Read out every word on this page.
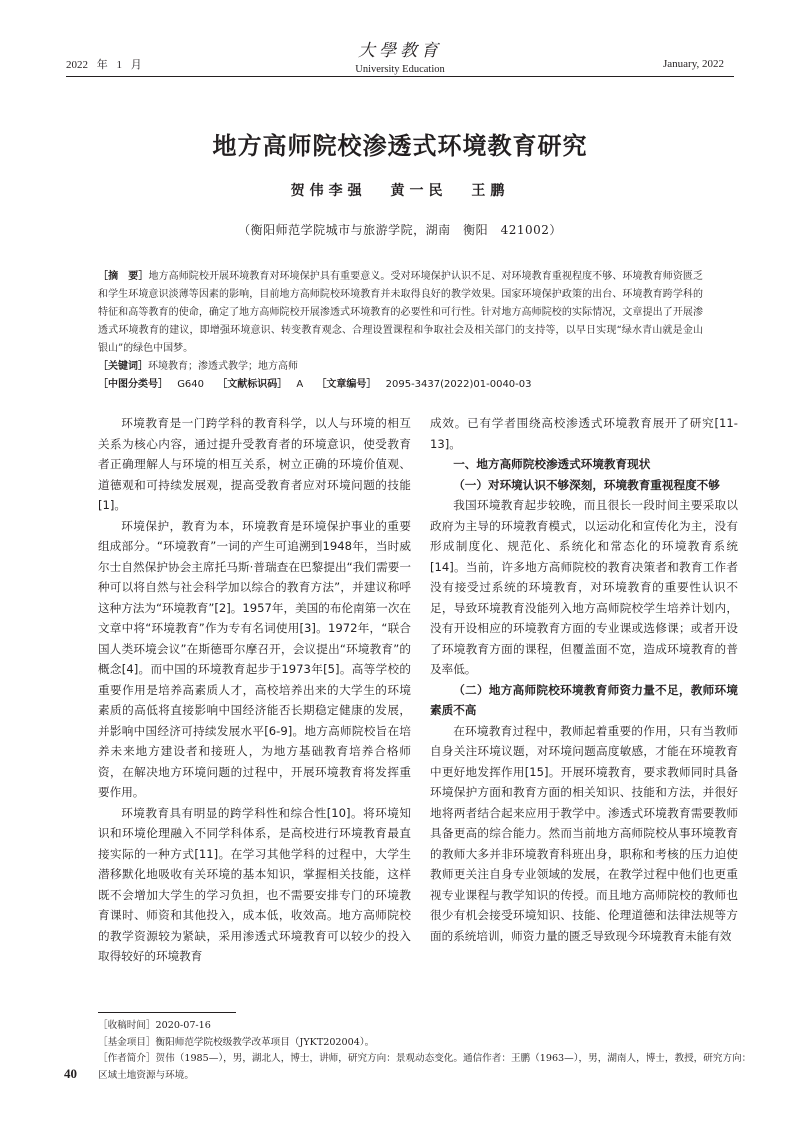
2022 年 1 月
大學教育
University Education	January, 2022
地方高师院校渗透式环境教育研究
贺伟李强 黄一民 王鹏
（衡阳师范学院城市与旅游学院，湖南　衡阳　421002）
［摘　要］地方高师院校开展环境教育对环境保护具有重要意义。受对环境保护认识不足、对环境教育重视程度不够、环境教育师资匮乏和学生环境意识淡薄等因素的影响，目前地方高师院校环境教育并未取得良好的教学效果。国家环境保护政策的出台、环境教育跨学科的特征和高等教育的使命，确定了地方高师院校开展渗透式环境教育的必要性和可行性。针对地方高师院校的实际情况，文章提出了开展渗透式环境教育的建议，即增强环境意识、转变教育观念、合理设置课程和争取社会及相关部门的支持等，以早日实现“绿水青山就是金山银山”的绿色中国梦。
［关键词］环境教育；渗透式教学；地方高师
［中图分类号］ G640 ［文献标识码］ A ［文章编号］ 2095-3437(2022)01-0040-03

环境教育是一门跨学科的教育科学，以人与环境的相互关系为核心内容，通过提升受教育者的环境意识，使受教育者正确理解人与环境的相互关系，树立正确的环境价值观、道德观和可持续发展观，提高受教育者应对环境问题的技能[1]。

环境保护，教育为本，环境教育是环境保护事业的重要组成部分。“环境教育”一词的产生可追溯到1948年，当时威尔士自然保护协会主席托马斯·普瑞查在巴黎提出“我们需要一种可以将自然与社会科学加以综合的教育方法”，并建议称呼这种方法为“环境教育”[2]。1957年，美国的布伦南第一次在文章中将“环境教育”作为专有名词使用[3]。1972年，“联合国人类环境会议”在斯德哥尔摩召开，会议提出“环境教育”的概念[4]。而中国的环境教育起步于1973年[5]。高等学校的重要作用是培养高素质人才，高校培养出来的大学生的环境素质的高低将直接影响中国经济能否长期稳定健康的发展，并影响中国经济可持续发展水平[6-9]。地方高师院校旨在培养未来地方建设者和接班人，为地方基础教育培养合格师资，在解决地方环境问题的过程中，开展环境教育将发挥重要作用。

环境教育具有明显的跨学科性和综合性[10]。将环境知识和环境伦理融入不同学科体系，是高校进行环境教育最直接实际的一种方式[11]。在学习其他学科的过程中，大学生潜移默化地吸收有关环境的基本知识，掌握相关技能，这样既不会增加大学生的学习负担，也不需要安排专门的环境教育课时、师资和其他投入，成本低，收效高。地方高师院校的教学资源较为紧缺，采用渗透式环境教育可以较少的投入取得较好的环境教育

成效。已有学者围绕高校渗透式环境教育展开了研究[11-13]。

一、地方高师院校渗透式环境教育现状

（一）对环境认识不够深刻，环境教育重视程度不够

我国环境教育起步较晚，而且很长一段时间主要采取以政府为主导的环境教育模式，以运动化和宣传化为主，没有形成制度化、规范化、系统化和常态化的环境教育系统[14]。当前，许多地方高师院校的教育决策者和教育工作者没有接受过系统的环境教育，对环境教育的重要性认识不足，导致环境教育没能列入地方高师院校学生培养计划内，没有开设相应的环境教育方面的专业课或选修课；或者开设了环境教育方面的课程，但覆盖面不宽，造成环境教育的普及率低。

（二）地方高师院校环境教育师资力量不足，教师环境素质不高

在环境教育过程中，教师起着重要的作用，只有当教师自身关注环境议题，对环境问题高度敏感，才能在环境教育中更好地发挥作用[15]。开展环境教育，要求教师同时具备环境保护方面和教育方面的相关知识、技能和方法，并很好地将两者结合起来应用于教学中。渗透式环境教育需要教师具备更高的综合能力。然而当前地方高师院校从事环境教育的教师大多并非环境教育科班出身，职称和考核的压力迫使教师更关注自身专业领域的发展，在教学过程中他们也更重视专业课程与教学知识的传授。而且地方高师院校的教师也很少有机会接受环境知识、技能、伦理道德和法律法规等方面的系统培训，师资力量的匮乏导致现今环境教育未能有效

［收稿时间］2020-07-16
［基金项目］衡阳师范学院校级教学改革项目（JYKT202004）。
［作者简介］贺伟（1985—），男，湖北人，博士，讲师，研究方向：景观动态变化。通信作者：王鹏（1963—），男，湖南人，博士，教授，研究方向：区域土地资源与环境。
40
